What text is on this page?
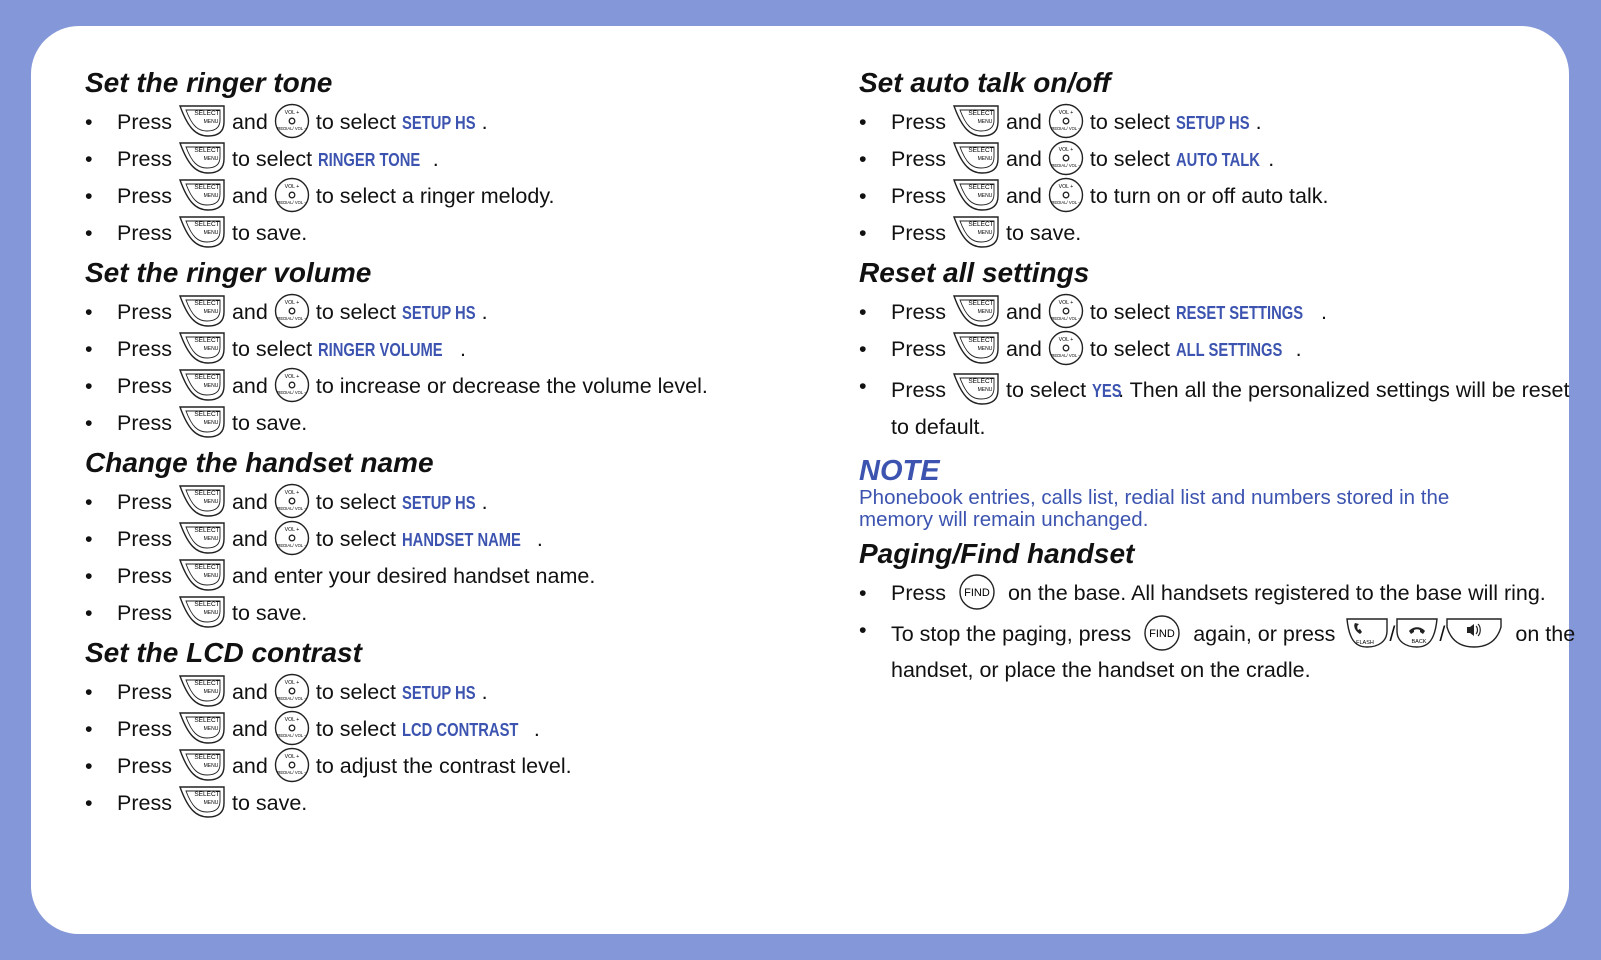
Set the ringer tone
• Press	SELECT
MENU and	VOL +
REDIAL/ VOL – to select SETUP HS .
• Press	SELECT
MENU to select RINGER TONE .
• Press	SELECT
MENU and	VOL +
REDIAL/ VOL – to select a ringer melody.
• Press	SELECT
MENU to save.
Set the ringer volume
• Press	SELECT
MENU and	VOL +
REDIAL/ VOL – to select SETUP HS .
• Press	SELECT
MENU to select RINGER VOLUME .
• Press	SELECT
MENU and	VOL +
REDIAL/ VOL – to increase or decrease the volume level.
• Press	SELECT
MENU to save.
Change the handset name
• Press	SELECT
MENU and	VOL +
REDIAL/ VOL – to select SETUP HS .
• Press	SELECT
MENU and	VOL +
REDIAL/ VOL – to select HANDSET NAME .
• Press	SELECT
MENU and enter your desired handset name.
• Press	SELECT
MENU to save.
Set the LCD contrast
• Press	SELECT
MENU and	VOL +
REDIAL/ VOL – to select SETUP HS .
• Press	SELECT
MENU and	VOL +
REDIAL/ VOL – to select LCD CONTRAST .
• Press	SELECT
MENU and	VOL +
REDIAL/ VOL – to adjust the contrast level.
• Press	SELECT
MENU to save.
Set auto talk on/off
• Press	SELECT
MENU and	VOL +
REDIAL/ VOL – to select SETUP HS .
• Press	SELECT
MENU and	VOL +
REDIAL/ VOL – to select AUTO TALK .
• Press	SELECT
MENU and	VOL +
REDIAL/ VOL – to turn on or off auto talk.
• Press	SELECT
MENU to save.
Reset all settings
• Press	SELECT
MENU and	VOL +
REDIAL/ VOL – to select RESET SETTINGS .
• Press	SELECT
MENU and	VOL +
REDIAL/ VOL – to select ALL SETTINGS .
• Press	SELECT
MENU to select YES. Then all the personalized settings will be reset to default.
NOTE
Phonebook entries, calls list, redial list and numbers stored in the memory will remain unchanged.
Paging/Find handset
• Press FIND on the base. All handsets registered to the base will ring.
• To stop the paging, press FIND again, or press	FLASH /	BACK /	on the handset, or place the handset on the cradle.
